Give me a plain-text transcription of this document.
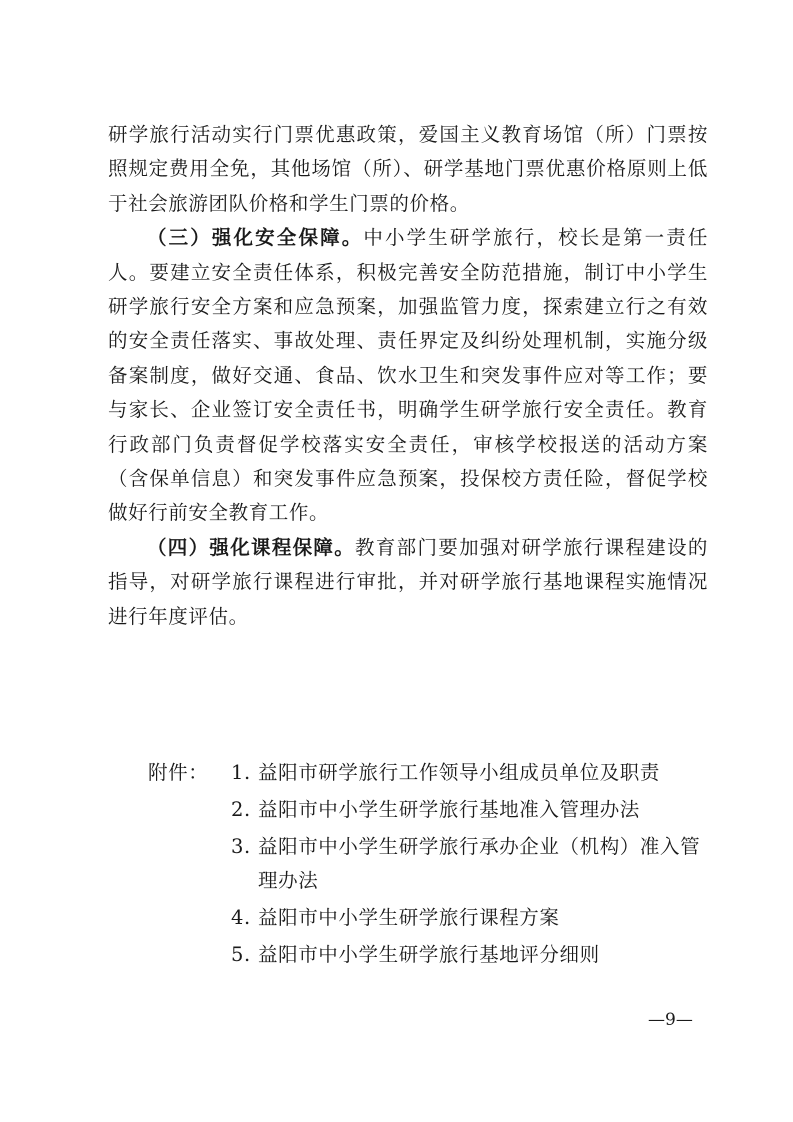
研学旅行活动实行门票优惠政策，爱国主义教育场馆（所）门票按照规定费用全免，其他场馆（所）、研学基地门票优惠价格原则上低于社会旅游团队价格和学生门票的价格。

（三）强化安全保障。中小学生研学旅行，校长是第一责任人。要建立安全责任体系，积极完善安全防范措施，制订中小学生研学旅行安全方案和应急预案，加强监管力度，探索建立行之有效的安全责任落实、事故处理、责任界定及纠纷处理机制，实施分级备案制度，做好交通、食品、饮水卫生和突发事件应对等工作；要与家长、企业签订安全责任书，明确学生研学旅行安全责任。教育行政部门负责督促学校落实安全责任，审核学校报送的活动方案（含保单信息）和突发事件应急预案，投保校方责任险，督促学校做好行前安全教育工作。

（四）强化课程保障。教育部门要加强对研学旅行课程建设的指导，对研学旅行课程进行审批，并对研学旅行基地课程实施情况进行年度评估。

附件：	1 . 益阳市研学旅行工作领导小组成员单位及职责
2 . 益阳市中小学生研学旅行基地准入管理办法
3 . 益阳市中小学生研学旅行承办企业（机构）准入管理办法
4 . 益阳市中小学生研学旅行课程方案
5 . 益阳市中小学生研学旅行基地评分细则
—9—
